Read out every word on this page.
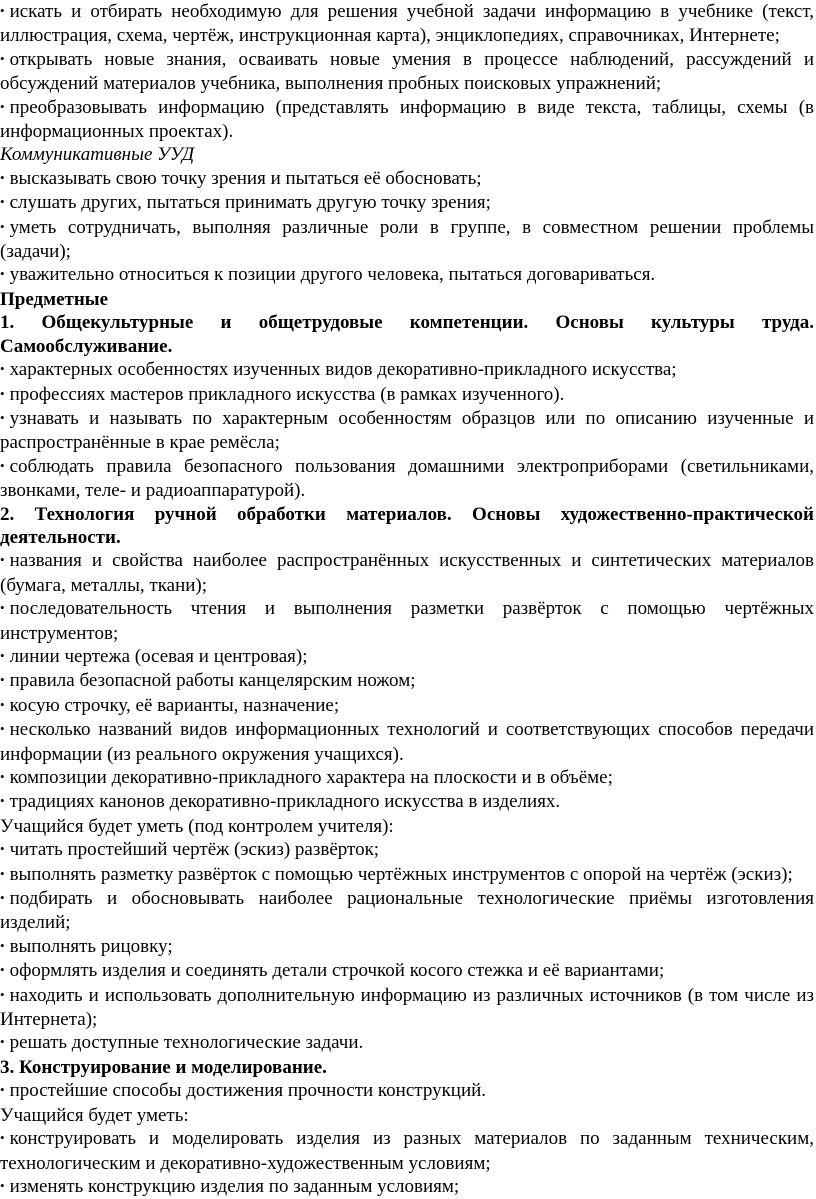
• искать и отбирать необходимую для решения учебной задачи информацию в учебнике (текст, иллюстрация, схема, чертёж, инструкционная карта), энциклопедиях, справочниках, Интернете;

• открывать новые знания, осваивать новые умения в процессе наблюдений, рассуждений и обсуждений материалов учебника, выполнения пробных поисковых упражнений;

• преобразовывать информацию (представлять информацию в виде текста, таблицы, схемы (в информационных проектах).

Коммуникативные УУД

• высказывать свою точку зрения и пытаться её обосновать;

• слушать других, пытаться принимать другую точку зрения;

• уметь сотрудничать, выполняя различные роли в группе, в совместном решении проблемы (задачи);

• уважительно относиться к позиции другого человека, пытаться договариваться.

Предметные

1. Общекультурные и общетрудовые компетенции. Основы культуры труда. Самообслуживание.

• характерных особенностях изученных видов декоративно-прикладного искусства;

• профессиях мастеров прикладного искусства (в рамках изученного).

• узнавать и называть по характерным особенностям образцов или по описанию изученные и распространённые в крае ремёсла;

• соблюдать правила безопасного пользования домашними электроприборами (светильниками, звонками, теле- и радиоаппаратурой).

2. Технология ручной обработки материалов. Основы художественно-практической деятельности.

• названия и свойства наиболее распространённых искусственных и синтетических материалов (бумага, металлы, ткани);

• последовательность чтения и выполнения разметки развёрток с помощью чертёжных инструментов;

• линии чертежа (осевая и центровая);

• правила безопасной работы канцелярским ножом;

• косую строчку, её варианты, назначение;

• несколько названий видов информационных технологий и соответствующих способов передачи информации (из реального окружения учащихся).

• композиции декоративно-прикладного характера на плоскости и в объёме;

• традициях канонов декоративно-прикладного искусства в изделиях.

Учащийся будет уметь (под контролем учителя):

• читать простейший чертёж (эскиз) развёрток;

• выполнять разметку развёрток с помощью чертёжных инструментов с опорой на чертёж (эскиз);

• подбирать и обосновывать наиболее рациональные технологические приёмы изготовления изделий;

• выполнять рицовку;

• оформлять изделия и соединять детали строчкой косого стежка и её вариантами;

• находить и использовать дополнительную информацию из различных источников (в том числе из Интернета);

• решать доступные технологические задачи.

3. Конструирование и моделирование.

• простейшие способы достижения прочности конструкций.

Учащийся будет уметь:

• конструировать и моделировать изделия из разных материалов по заданным техническим, технологическим и декоративно-художественным условиям;

• изменять конструкцию изделия по заданным условиям;
